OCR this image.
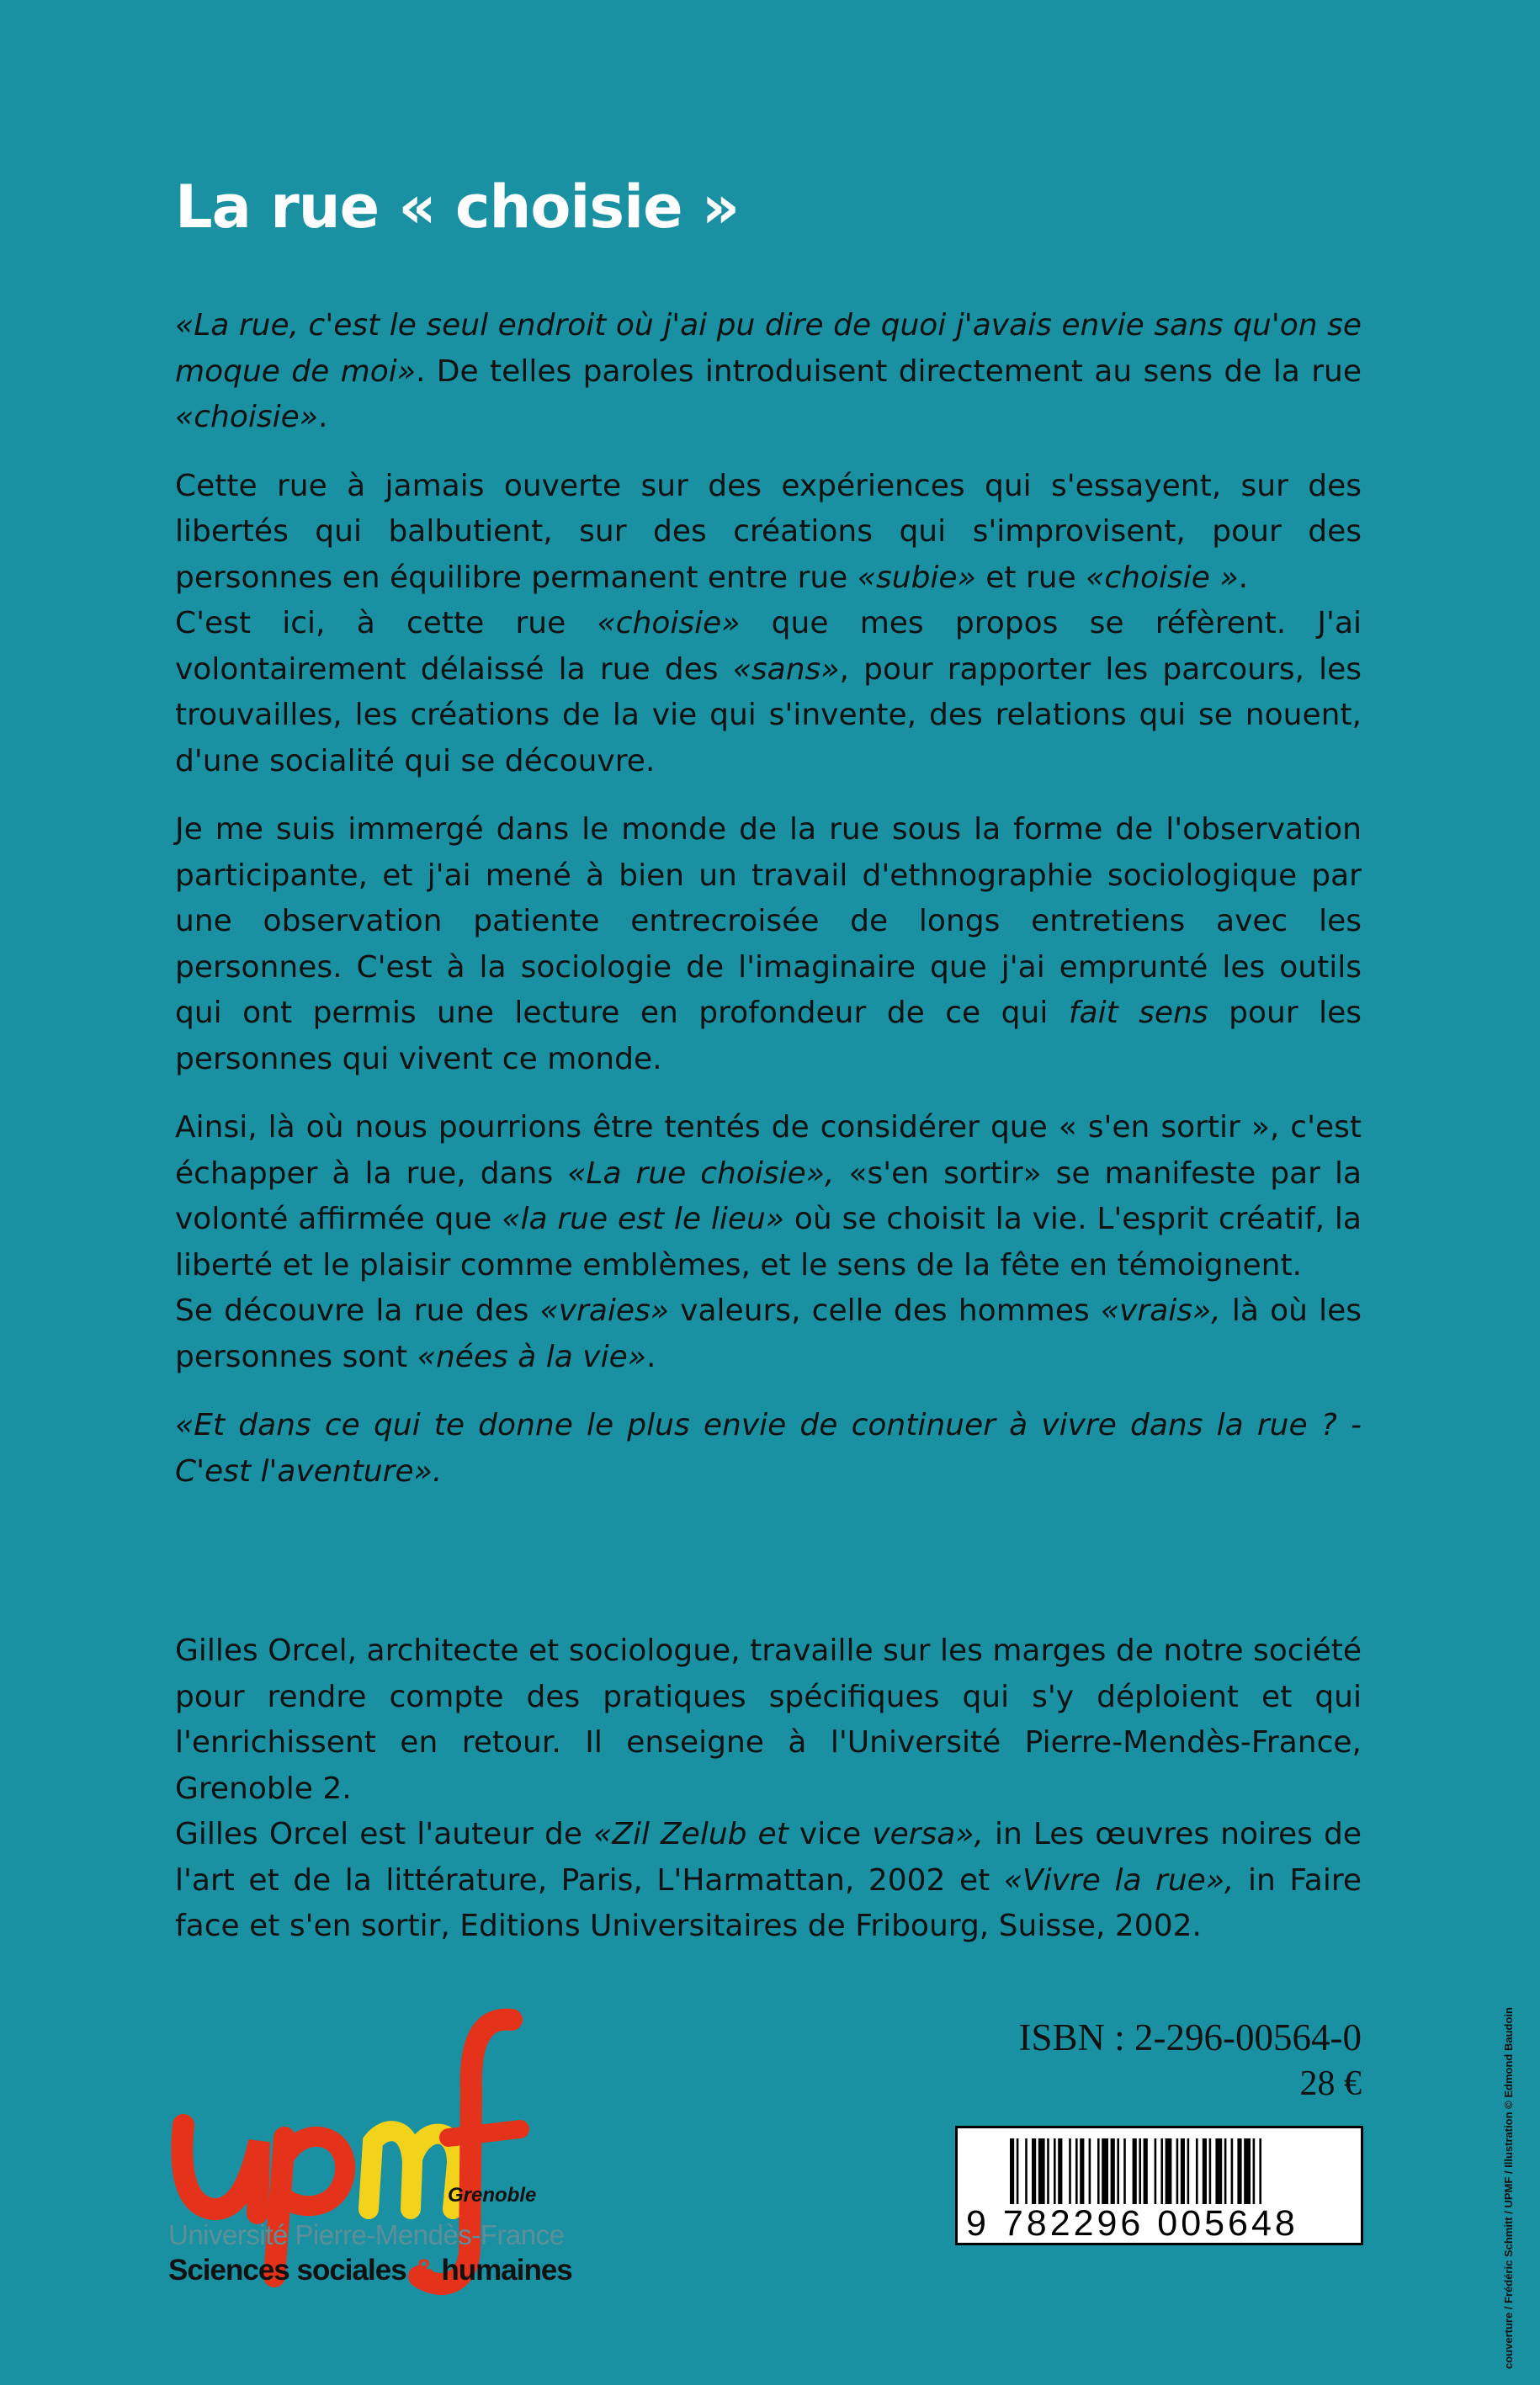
La rue « choisie »

«La rue, c'est le seul endroit où j'ai pu dire de quoi j'avais envie sans qu'on se moque de moi». De telles paroles introduisent directement au sens de la rue «choisie».

Cette rue à jamais ouverte sur des expériences qui s'essayent, sur des libertés qui balbutient, sur des créations qui s'improvisent, pour des personnes en équilibre permanent entre rue «subie» et rue «choisie ».

C'est ici, à cette rue «choisie» que mes propos se réfèrent. J'ai volontairement délaissé la rue des «sans», pour rapporter les parcours, les trouvailles, les créations de la vie qui s'invente, des relations qui se nouent, d'une socialité qui se découvre.

Je me suis immergé dans le monde de la rue sous la forme de l'observation participante, et j'ai mené à bien un travail d'ethnographie sociologique par une observation patiente entrecroisée de longs entretiens avec les personnes. C'est à la sociologie de l'imaginaire que j'ai emprunté les outils qui ont permis une lecture en profondeur de ce qui fait sens pour les personnes qui vivent ce monde.

Ainsi, là où nous pourrions être tentés de considérer que « s'en sortir », c'est échapper à la rue, dans «La rue choisie», «s'en sortir» se manifeste par la volonté affirmée que «la rue est le lieu» où se choisit la vie. L'esprit créatif, la liberté et le plaisir comme emblèmes, et le sens de la fête en témoignent.

Se découvre la rue des «vraies» valeurs, celle des hommes «vrais», là où les personnes sont «nées à la vie».

«Et dans ce qui te donne le plus envie de continuer à vivre dans la rue ? - C'est l'aventure».

Gilles Orcel, architecte et sociologue, travaille sur les marges de notre société pour rendre compte des pratiques spécifiques qui s'y déploient et qui l'enrichissent en retour. Il enseigne à l'Université Pierre-Mendès-France, Grenoble 2.

Gilles Orcel est l'auteur de «Zil Zelub et vice versa», in Les œuvres noires de l'art et de la littérature, Paris, L'Harmattan, 2002 et «Vivre la rue», in Faire face et s'en sortir, Editions Universitaires de Fribourg, Suisse, 2002.

ISBN : 2-296-00564-0
28 €
9 782296 005648
Grenoble
Université Pierre-Mendès-France
Sciences sociales & humaines	couverture / Frédéric Schmitt / UPMF / Illustration © Edmond Baudoin
